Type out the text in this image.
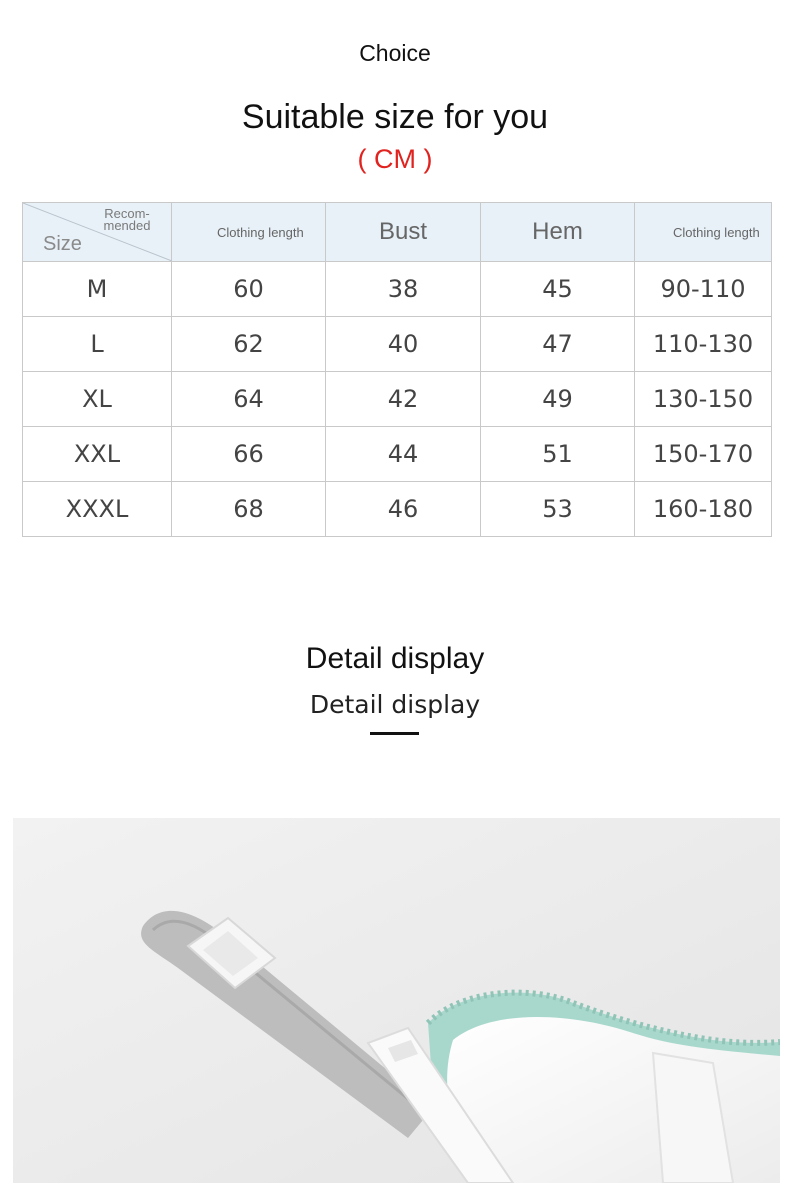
Choice
Suitable size for you
( CM )
Recom-mended
Size	Clothing length	Bust	Hem	Clothing length
M	60	38	45	90-110
L	62	40	47	110-130
XL	64	42	49	130-150
XXL	66	44	51	150-170
XXXL	68	46	53	160-180
Detail display
Detail display
